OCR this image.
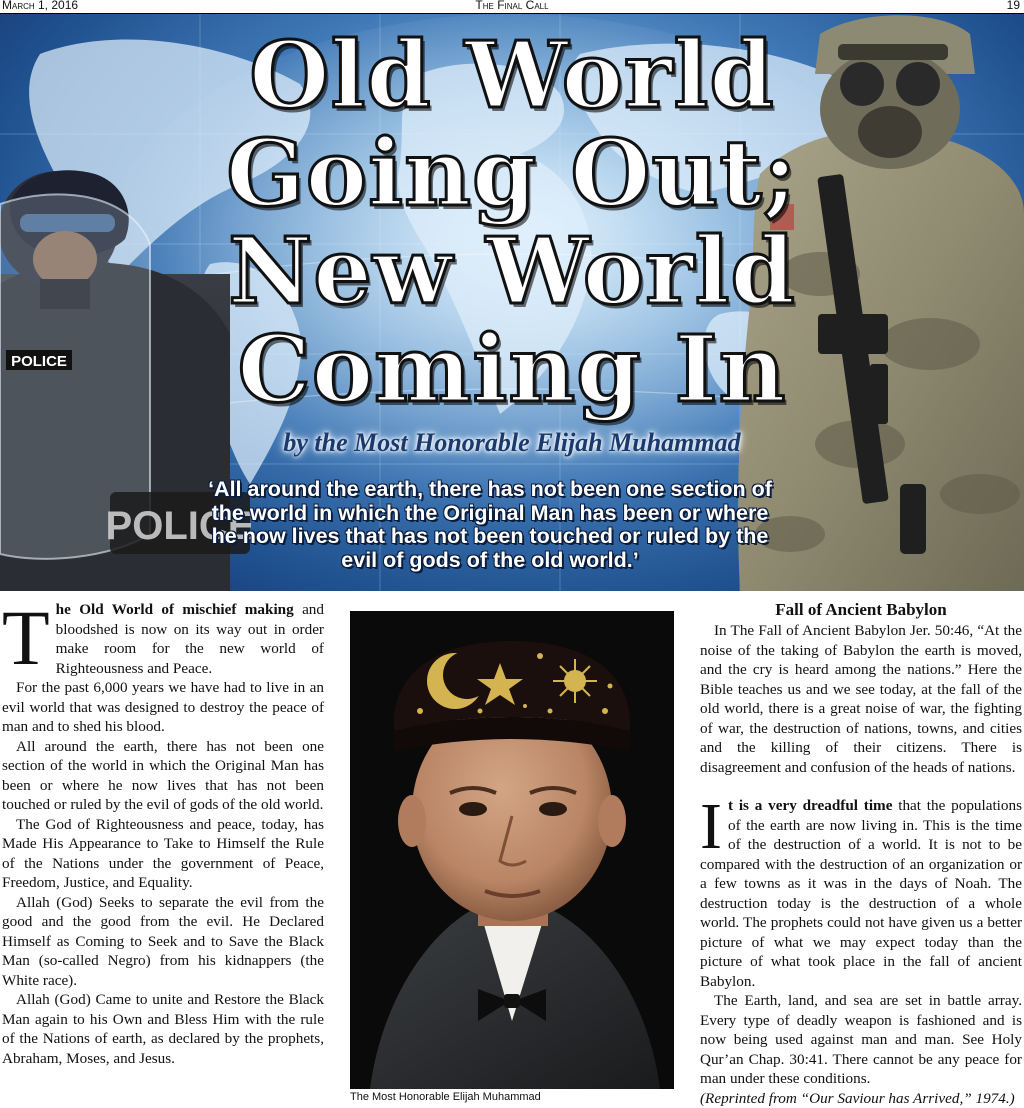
March 1, 2016	The Final Call	19
POLICE
POLICE
Old World
Going Out;
New World
Coming In
by the Most Honorable Elijah Muhammad
‘All around the earth, there has not been one section of the world in which the Original Man has been or where he now lives that has not been touched or ruled by the evil of gods of the old world.’

The Old World of mischief making and bloodshed is now on its way out in order make room for the new world of Righteousness and Peace.

For the past 6,000 years we have had to live in an evil world that was designed to destroy the peace of man and to shed his blood.

All around the earth, there has not been one section of the world in which the Original Man has been or where he now lives that has not been touched or ruled by the evil of gods of the old world.

The God of Righteousness and peace, today, has Made His Appearance to Take to Himself the Rule of the Nations under the government of Peace, Freedom, Justice, and Equality.

Allah (God) Seeks to separate the evil from the good and the good from the evil. He Declared Himself as Coming to Seek and to Save the Black Man (so-called Negro) from his kidnappers (the White race).

Allah (God) Came to unite and Restore the Black Man again to his Own and Bless Him with the rule of the Nations of earth, as declared by the prophets, Abraham, Moses, and Jesus.

The Most Honorable Elijah Muhammad
Fall of Ancient Babylon

In The Fall of Ancient Babylon Jer. 50:46, “At the noise of the taking of Babylon the earth is moved, and the cry is heard among the nations.” Here the Bible teaches us and we see today, at the fall of the old world, there is a great noise of war, the fighting of war, the destruction of nations, towns, and cities and the killing of their citizens. There is disagreement and confusion of the heads of nations.

It is a very dreadful time that the populations of the earth are now living in. This is the time of the destruction of a world. It is not to be compared with the destruction of an organization or a few towns as it was in the days of Noah. The destruction today is the destruction of a whole world. The prophets could not have given us a better picture of what we may expect today than the picture of what took place in the fall of ancient Babylon.

The Earth, land, and sea are set in battle array. Every type of deadly weapon is fashioned and is now being used against man and man. See Holy Qur’an Chap. 30:41. There cannot be any peace for man under these conditions.

(Reprinted from “Our Saviour has Arrived,” 1974.)
